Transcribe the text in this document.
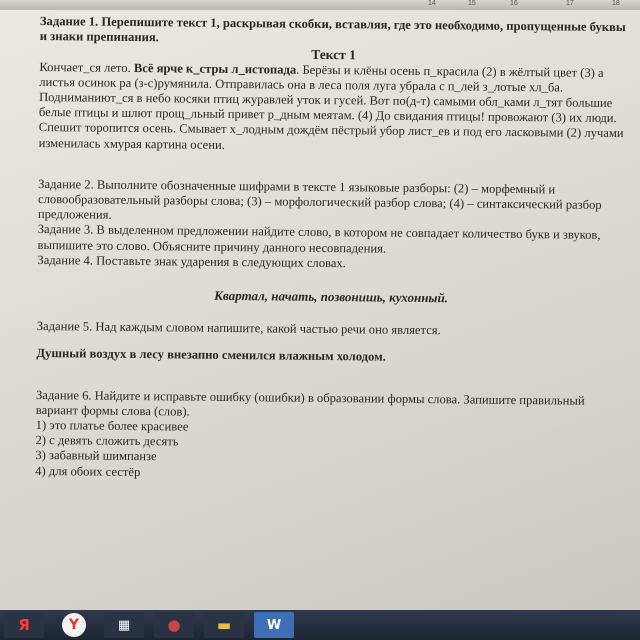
14	15	16	17	18

Задание 1. Перепишите текст 1, раскрывая скобки, вставляя, где это необходимо, пропущенные буквы и знаки препинания.

Текст 1

Кончает_ся лето. Всё ярче к_стры л_истопада. Берёзы и клёны осень п_красила (2) в жёлтый цвет (3) а листья осинок ра (з-с)румянила. Отправилась она в леса поля луга убрала с п_лей з_лотые хл_ба.

Подниманиют_ся в небо косяки птиц журавлей уток и гусей. Вот по(д-т) самыми обл_ками л_тят большие белые птицы и шлют прощ_льный привет р_дным меятам. (4) До свидания птицы! провожают (3) их люди.

Спешит торопится осень. Смывает х_лодным дождём пёстрый убор лист_ев и под его ласковыми (2) лучами изменилась хмурая картина осени.

Задание 2. Выполните обозначенные шифрами в тексте 1 языковые разборы: (2) – морфемный и словообразовательный разборы слова; (3) – морфологический разбор слова; (4) – синтаксический разбор предложения.

Задание 3. В выделенном предложении найдите слово, в котором не совпадает количество букв и звуков, выпишите это слово. Объясните причину данного несовпадения.

Задание 4. Поставьте знак ударения в следующих словах.

Квартал, начать, позвонишь, кухонный.

Задание 5. Над каждым словом напишите, какой частью речи оно является.

Душный воздух в лесу внезапно сменился влажным холодом.

Задание 6. Найдите и исправьте ошибку (ошибки) в образовании формы слова. Запишите правильный вариант формы слова (слов).

1) это платье более красивее

2) с девять сложить десять

3) забавный шимпанзе

4) для обоих сестёр

Я	Y	▦	●	▬	W
